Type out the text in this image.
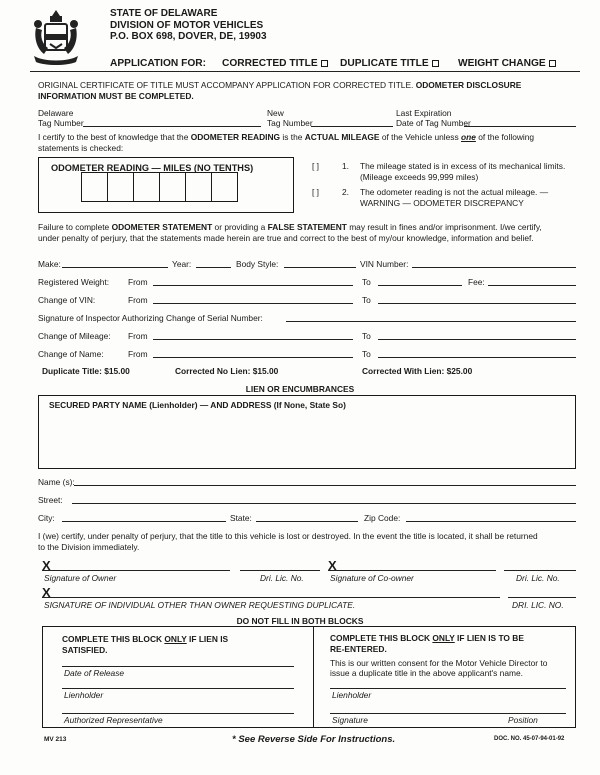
STATE OF DELAWARE
DIVISION OF MOTOR VEHICLES
P.O. BOX 698, DOVER, DE, 19903
APPLICATION FOR: CORRECTED TITLE	DUPLICATE TITLE	WEIGHT CHANGE
ORIGINAL CERTIFICATE OF TITLE MUST ACCOMPANY APPLICATION FOR CORRECTED TITLE. ODOMETER DISCLOSURE
INFORMATION MUST BE COMPLETED.
Delaware
Tag Number
New
Tag Number
Last Expiration
Date of Tag Number
I certify to the best of knowledge that the ODOMETER READING is the ACTUAL MILEAGE of the Vehicle unless one of the following
statements is checked:
ODOMETER READING — MILES (NO TENTHS)	[ ]	1. The mileage stated is in excess of its mechanical limits.
(Mileage exceeds 99,999 miles)
[ ]	2. The odometer reading is not the actual mileage. —
WARNING — ODOMETER DISCREPANCY
Failure to complete ODOMETER STATEMENT or providing a FALSE STATEMENT may result in fines and/or imprisonment. I/we certify,
under penalty of perjury, that the statements made herein are true and correct to the best of my/our knowledge, information and belief.
Make:	Year:	Body Style:	VIN Number:
Registered Weight: From	To	Fee:
Change of VIN:	From	To
Signature of Inspector Authorizing Change of Serial Number:
Change of Mileage: From	To
Change of Name:	From	To
Duplicate Title: $15.00	Corrected No Lien: $15.00	Corrected With Lien: $25.00
LIEN OR ENCUMBRANCES
SECURED PARTY NAME (Lienholder) — AND ADDRESS (If None, State So)
Name (s):
Street:
City:	State:	Zip Code:
I (we) certify, under penalty of perjury, that the title to this vehicle is lost or destroyed. In the event the title is located, it shall be returned
to the Division immediately.
X	X
Signature of Owner	Dri. Lic. No.	Signature of Co-owner	Dri. Lic. No.
X
SIGNATURE OF INDIVIDUAL OTHER THAN OWNER REQUESTING DUPLICATE.	DRI. LIC. NO.
DO NOT FILL IN BOTH BLOCKS
COMPLETE THIS BLOCK ONLY IF LIEN IS
SATISFIED.
Date of Release
Lienholder
Authorized Representative
COMPLETE THIS BLOCK ONLY IF LIEN IS TO BE
RE-ENTERED.
This is our written consent for the Motor Vehicle Director to
issue a duplicate title in the above applicant's name.
Lienholder
Signature	Position
MV 213	* See Reverse Side For Instructions.	DOC. NO. 45-07-94-01-92
